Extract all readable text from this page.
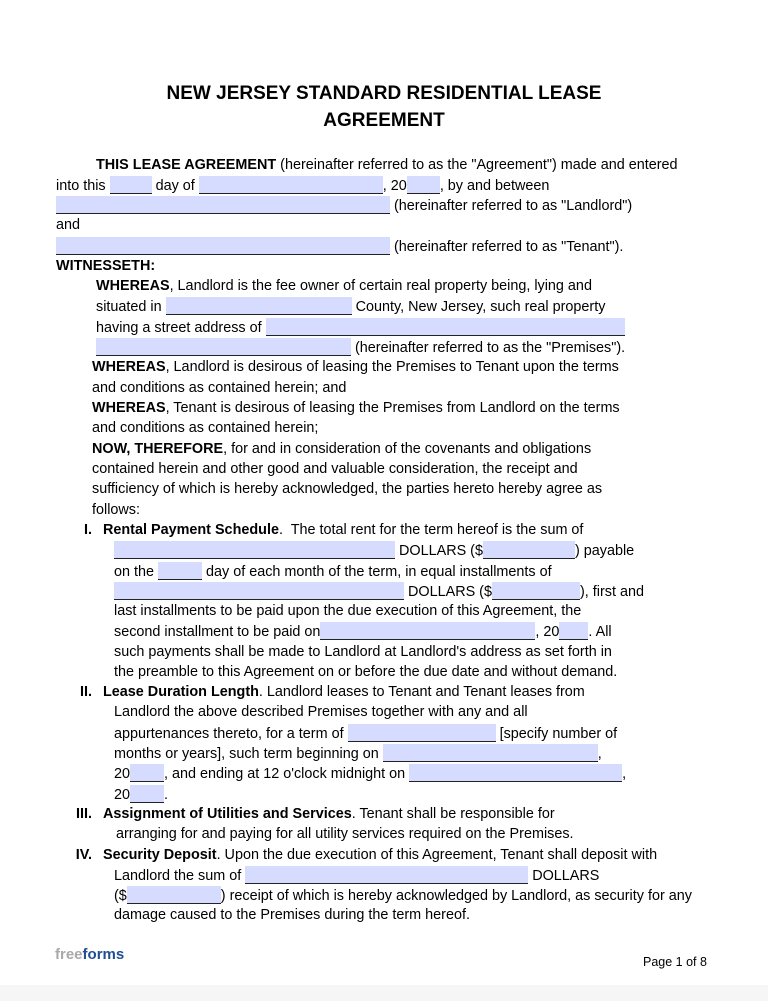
NEW JERSEY STANDARD RESIDENTIAL LEASE
AGREEMENT
THIS LEASE AGREEMENT (hereinafter referred to as the "Agreement") made and entered
into this	day of	, 20 , by and between
(hereinafter referred to as "Landlord")
and
(hereinafter referred to as "Tenant").
WITNESSETH:
WHEREAS, Landlord is the fee owner of certain real property being, lying and
situated in	County, New Jersey, such real property
having a street address of
(hereinafter referred to as the "Premises").
WHEREAS, Landlord is desirous of leasing the Premises to Tenant upon the terms
and conditions as contained herein; and
WHEREAS, Tenant is desirous of leasing the Premises from Landlord on the terms
and conditions as contained herein;
NOW, THEREFORE, for and in consideration of the covenants and obligations
contained herein and other good and valuable consideration, the receipt and
sufficiency of which is hereby acknowledged, the parties hereto hereby agree as
follows:
I. Rental Payment Schedule.  The total rent for the term hereof is the sum of
DOLLARS ($	) payable
on the	day of each month of the term, in equal installments of
DOLLARS ($	), first and
last installments to be paid upon the due execution of this Agreement, the
second installment to be paid on	, 20 . All
such payments shall be made to Landlord at Landlord's address as set forth in
the preamble to this Agreement on or before the due date and without demand.
II. Lease Duration Length. Landlord leases to Tenant and Tenant leases from
Landlord the above described Premises together with any and all
appurtenances thereto, for a term of	[specify number of
months or years], such term beginning on	,
20 , and ending at 12 o'clock midnight on	,
20 .
III. Assignment of Utilities and Services. Tenant shall be responsible for
arranging for and paying for all utility services required on the Premises.
IV. Security Deposit. Upon the due execution of this Agreement, Tenant shall deposit with
Landlord the sum of	DOLLARS
($	) receipt of which is hereby acknowledged by Landlord, as security for any
damage caused to the Premises during the term hereof.
freeforms	Page 1 of 8
